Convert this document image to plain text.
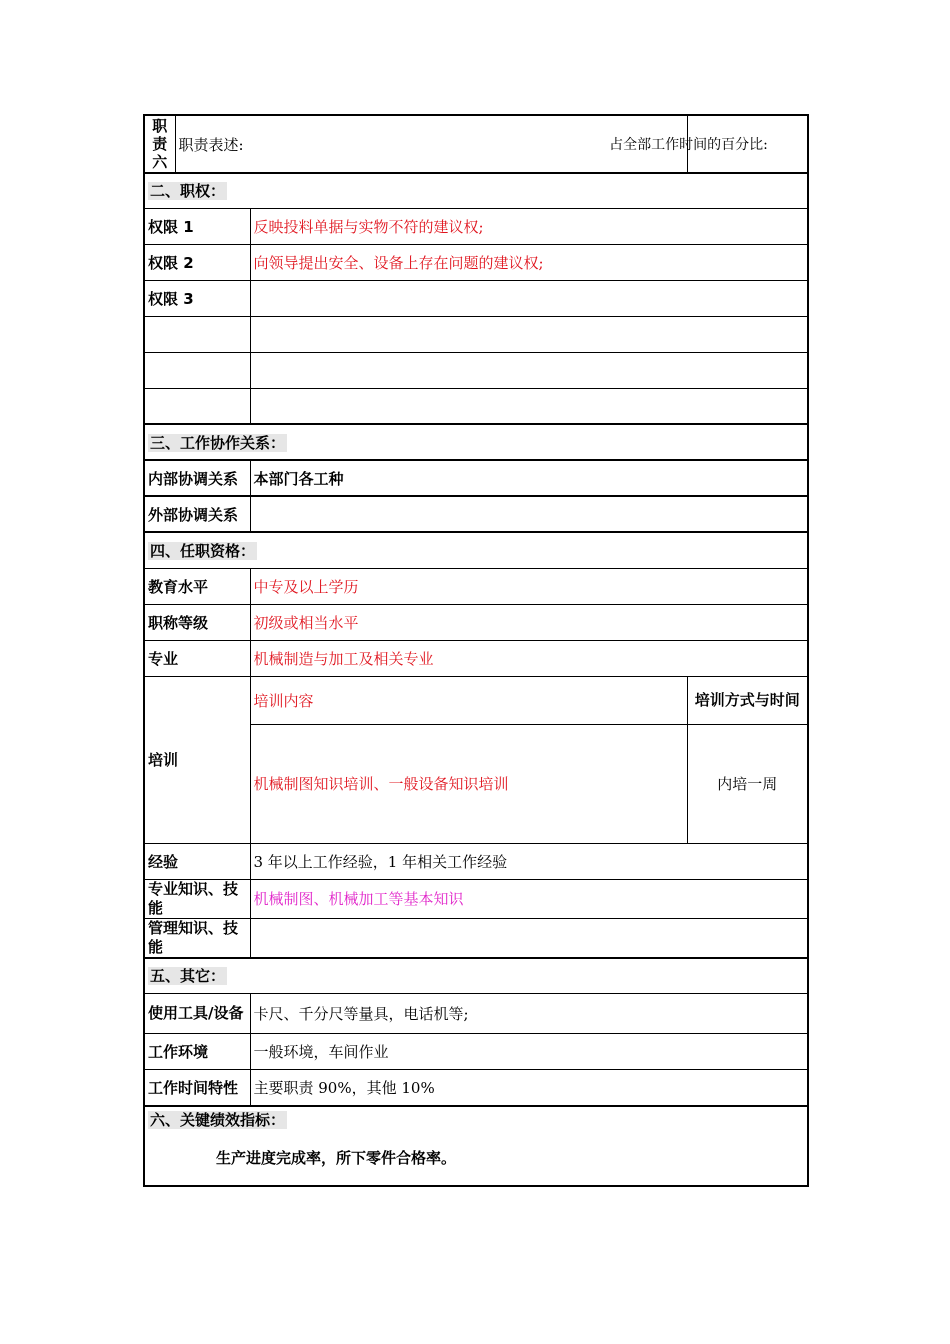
职责六	职责表述:		占全部工作时间的百分比:
二、职权：			
权限 1		反映投料单据与实物不符的建议权;	
权限 2		向领导提出安全、设备上存在问题的建议权;	
权限 3			

三、工作协作关系：			
内部协调关系		本部门各工种	
外部协调关系			
四、任职资格：			
教育水平		中专及以上学历	
职称等级		初级或相当水平	
专业		机械制造与加工及相关专业	
培训		培训内容	培训方式与时间
		机械制图知识培训、一般设备知识培训	内培一周
经验		3 年以上工作经验，1 年相关工作经验	
专业知识、技能		机械制图、机械加工等基本知识	
管理知识、技能			
五、其它：			
使用工具/设备		卡尺、千分尺等量具，电话机等;	
工作环境		一般环境，车间作业	
工作时间特性		主要职责 90%，其他 10%	

六、关键绩效指标：
生产进度完成率，所下零件合格率。			
